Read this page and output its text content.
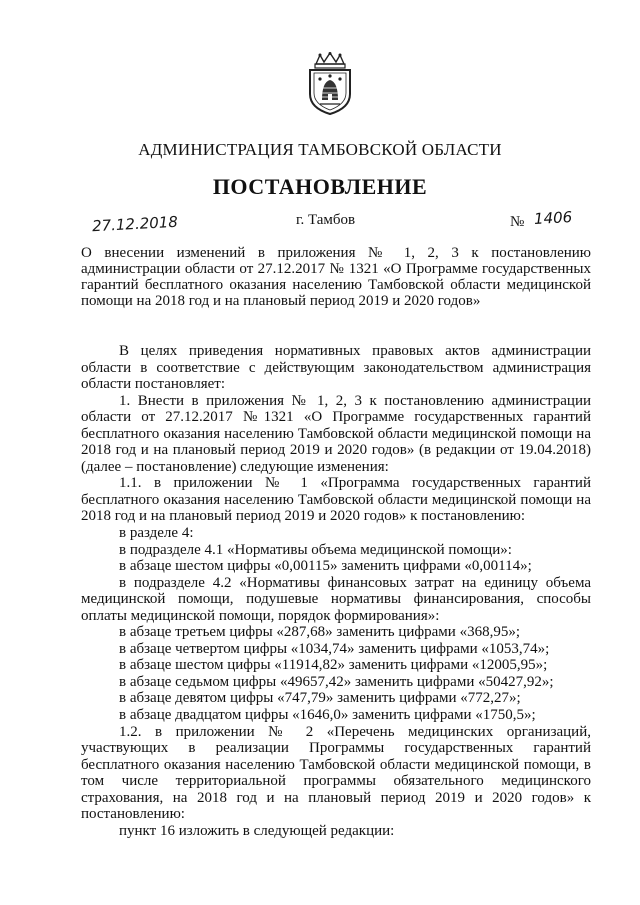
АДМИНИСТРАЦИЯ ТАМБОВСКОЙ ОБЛАСТИ
ПОСТАНОВЛЕНИЕ
27.12.2018	г. Тамбов	№ 1406
О внесении изменений в приложения № 1, 2, 3 к постановлению администрации области от 27.12.2017 № 1321 «О Программе государственных гарантий бесплатного оказания населению Тамбовской области медицинской помощи на 2018 год и на плановый период 2019 и 2020 годов»

В целях приведения нормативных правовых актов администрации области в соответствие с действующим законодательством администрация области постановляет:

1. Внести в приложения № 1, 2, 3 к постановлению администрации области от 27.12.2017 №1321 «О Программе государственных гарантий бесплатного оказания населению Тамбовской области медицинской помощи на 2018 год и на плановый период 2019 и 2020 годов» (в редакции от 19.04.2018) (далее – постановление) следующие изменения:

1.1. в приложении № 1 «Программа государственных гарантий бесплатного оказания населению Тамбовской области медицинской помощи на 2018 год и на плановый период 2019 и 2020 годов» к постановлению:

в разделе 4:

в подразделе 4.1 «Нормативы объема медицинской помощи»:

в абзаце шестом цифры «0,00115» заменить цифрами «0,00114»;

в подразделе 4.2 «Нормативы финансовых затрат на единицу объема медицинской помощи, подушевые нормативы финансирования, способы оплаты медицинской помощи, порядок формирования»:

в абзаце третьем цифры «287,68» заменить цифрами «368,95»;

в абзаце четвертом цифры «1034,74» заменить цифрами «1053,74»;

в абзаце шестом цифры «11914,82» заменить цифрами «12005,95»;

в абзаце седьмом цифры «49657,42» заменить цифрами «50427,92»;

в абзаце девятом цифры «747,79» заменить цифрами «772,27»;

в абзаце двадцатом цифры «1646,0» заменить цифрами «1750,5»;

1.2. в приложении № 2 «Перечень медицинских организаций, участвующих в реализации Программы государственных гарантий бесплатного оказания населению Тамбовской области медицинской помощи, в том числе территориальной программы обязательного медицинского страхования, на 2018 год и на плановый период 2019 и 2020 годов» к постановлению:

пункт 16 изложить в следующей редакции:
